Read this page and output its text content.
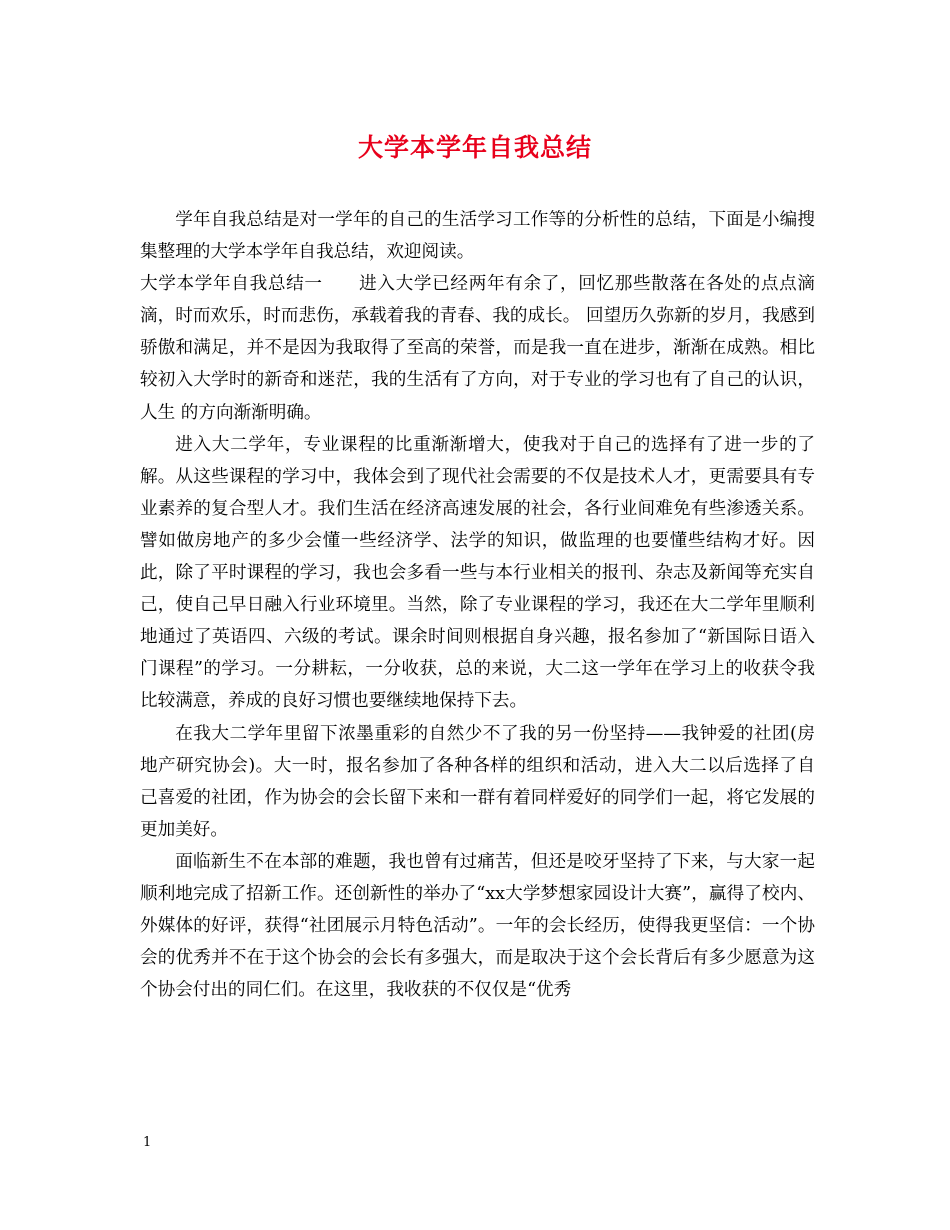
大学本学年自我总结

学年自我总结是对一学年的自己的生活学习工作等的分析性的总结，下面是小编搜集整理的大学本学年自我总结，欢迎阅读。

大学本学年自我总结一　　进入大学已经两年有余了，回忆那些散落在各处的点点滴滴，时而欢乐，时而悲伤，承载着我的青春、我的成长。 回望历久弥新的岁月，我感到骄傲和满足，并不是因为我取得了至高的荣誉，而是我一直在进步，渐渐在成熟。相比较初入大学时的新奇和迷茫，我的生活有了方向，对于专业的学习也有了自己的认识，人生 的方向渐渐明确。

进入大二学年，专业课程的比重渐渐增大，使我对于自己的选择有了进一步的了解。从这些课程的学习中，我体会到了现代社会需要的不仅是技术人才，更需要具有专业素养的复合型人才。我们生活在经济高速发展的社会，各行业间难免有些渗透关系。譬如做房地产的多少会懂一些经济学、法学的知识，做监理的也要懂些结构才好。因此，除了平时课程的学习，我也会多看一些与本行业相关的报刊、杂志及新闻等充实自己，使自己早日融入行业环境里。当然，除了专业课程的学习，我还在大二学年里顺利地通过了英语四、六级的考试。课余时间则根据自身兴趣，报名参加了“新国际日语入门课程”的学习。一分耕耘，一分收获，总的来说，大二这一学年在学习上的收获令我比较满意，养成的良好习惯也要继续地保持下去。

在我大二学年里留下浓墨重彩的自然少不了我的另一份坚持——我钟爱的社团(房地产研究协会)。大一时，报名参加了各种各样的组织和活动，进入大二以后选择了自己喜爱的社团，作为协会的会长留下来和一群有着同样爱好的同学们一起，将它发展的更加美好。

面临新生不在本部的难题，我也曾有过痛苦，但还是咬牙坚持了下来，与大家一起顺利地完成了招新工作。还创新性的举办了“xx大学梦想家园设计大赛”，赢得了校内、外媒体的好评，获得“社团展示月特色活动”。一年的会长经历，使得我更坚信：一个协会的优秀并不在于这个协会的会长有多强大，而是取决于这个会长背后有多少愿意为这个协会付出的同仁们。在这里，我收获的不仅仅是“优秀

1
